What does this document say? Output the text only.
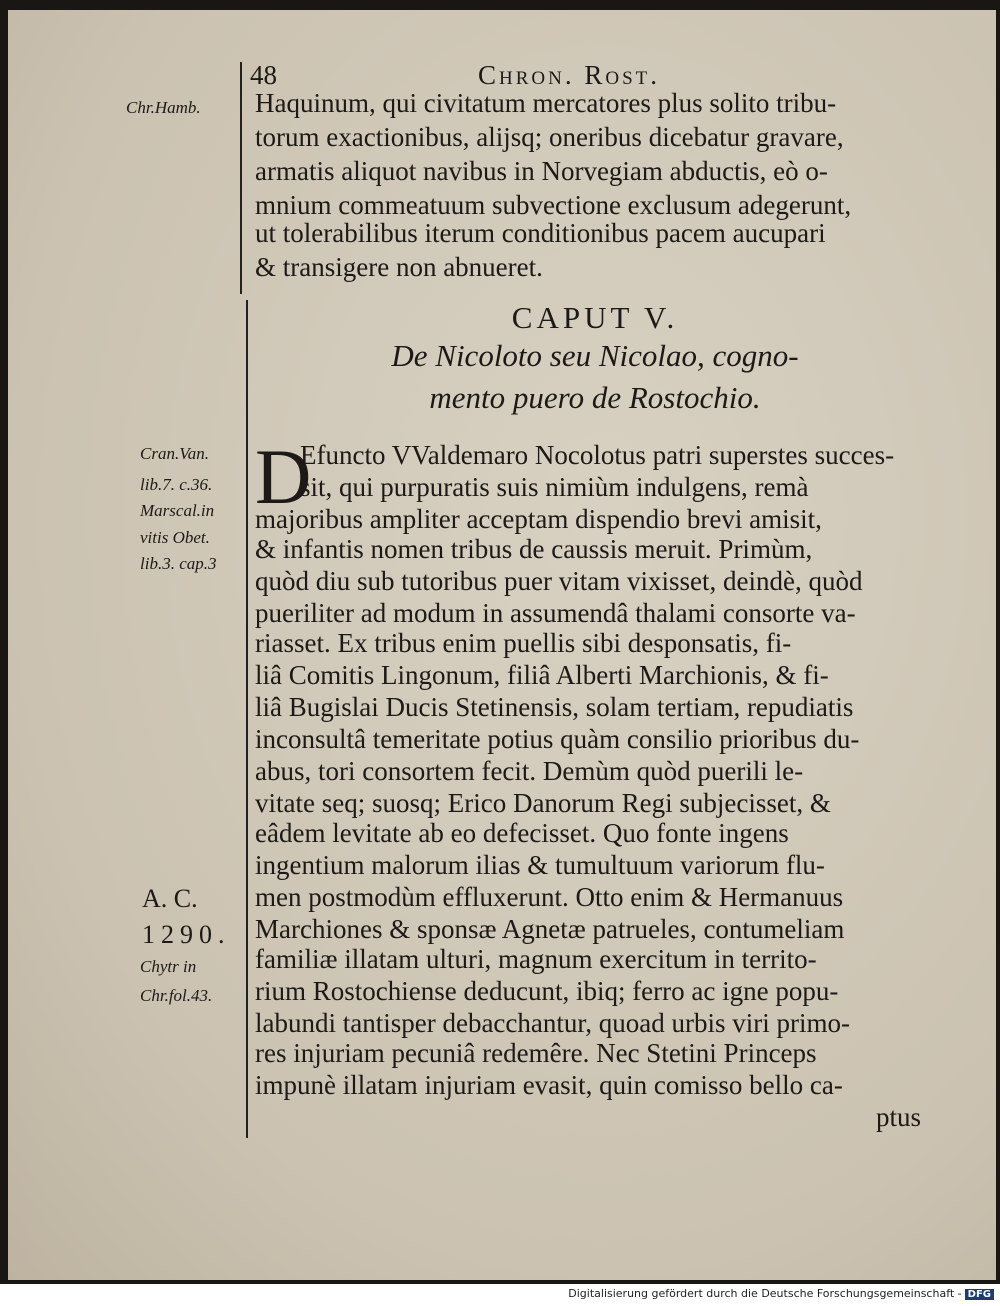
48	Chron. Rost.
Chr.Hamb.
Cran.Van.
lib.7. c.36.
Marscal.in
vitis Obet.
lib.3. cap.3
A. C.
1290.
Chytr in
Chr.fol.43.
Haquinum, qui civitatum mercatores plus solito tribu-
torum exactionibus, alijsq; oneribus dicebatur gravare,
armatis aliquot navibus in Norvegiam abductis, eò o-
mnium commeatuum subvectione exclusum adegerunt,
ut tolerabilibus iterum conditionibus pacem aucupari
& transigere non abnueret.
CAPUT V.
De Nicoloto seu Nicolao, cogno-
mento puero de Rostochio.
D
Efuncto VValdemaro Nocolotus patri superstes succes-
sit, qui purpuratis suis nimiùm indulgens, remà
majoribus ampliter acceptam dispendio brevi amisit,
& infantis nomen tribus de caussis meruit. Primùm,
quòd diu sub tutoribus puer vitam vixisset, deindè, quòd
pueriliter ad modum in assumendâ thalami consorte va-
riasset. Ex tribus enim puellis sibi desponsatis, fi-
liâ Comitis Lingonum, filiâ Alberti Marchionis, & fi-
liâ Bugislai Ducis Stetinensis, solam tertiam, repudiatis
inconsultâ temeritate potius quàm consilio prioribus du-
abus, tori consortem fecit. Demùm quòd puerili le-
vitate seq; suosq; Erico Danorum Regi subjecisset, &
eâdem levitate ab eo defecisset. Quo fonte ingens
ingentium malorum ilias & tumultuum variorum flu-
men postmodùm effluxerunt. Otto enim & Hermanuus
Marchiones & sponsæ Agnetæ patrueles, contumeliam
familiæ illatam ulturi, magnum exercitum in territo-
rium Rostochiense deducunt, ibiq; ferro ac igne popu-
labundi tantisper debacchantur, quoad urbis viri primo-
res injuriam pecuniâ redemêre. Nec Stetini Princeps
impunè illatam injuriam evasit, quin comisso bello ca-
ptus
Digitalisierung gefördert durch die Deutsche Forschungsgemeinschaft - DFG
